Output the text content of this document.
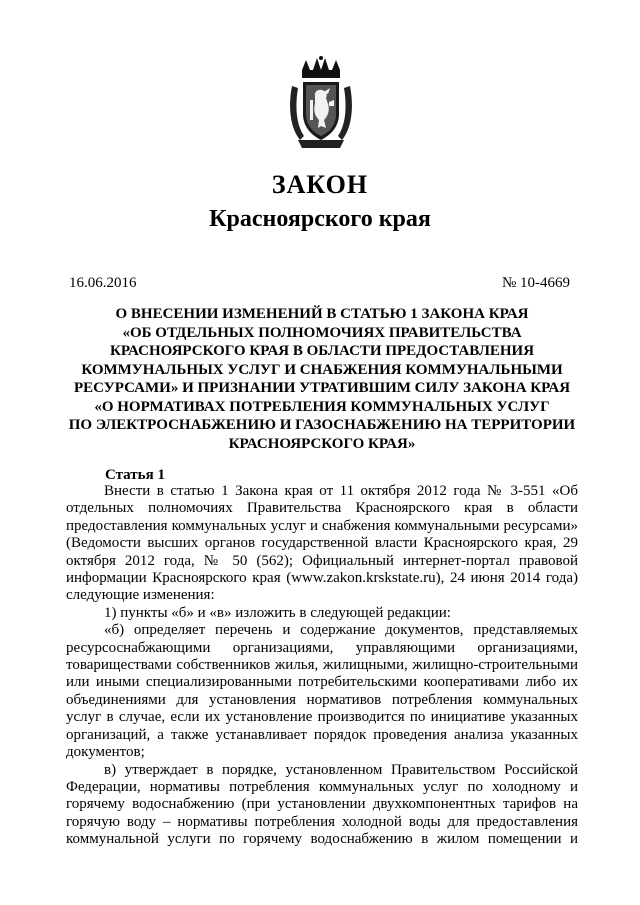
ЗАКОН
Красноярского края
16.06.2016	№ 10-4669
О ВНЕСЕНИИ ИЗМЕНЕНИЙ В СТАТЬЮ 1 ЗАКОНА КРАЯ
«ОБ ОТДЕЛЬНЫХ ПОЛНОМОЧИЯХ ПРАВИТЕЛЬСТВА
КРАСНОЯРСКОГО КРАЯ В ОБЛАСТИ ПРЕДОСТАВЛЕНИЯ
КОММУНАЛЬНЫХ УСЛУГ И СНАБЖЕНИЯ КОММУНАЛЬНЫМИ
РЕСУРСАМИ» И ПРИЗНАНИИ УТРАТИВШИМ СИЛУ ЗАКОНА КРАЯ
«О НОРМАТИВАХ ПОТРЕБЛЕНИЯ КОММУНАЛЬНЫХ УСЛУГ
ПО ЭЛЕКТРОСНАБЖЕНИЮ И ГАЗОСНАБЖЕНИЮ НА ТЕРРИТОРИИ
КРАСНОЯРСКОГО КРАЯ»
Статья 1
Внести в статью 1 Закона края от 11 октября 2012 года № 3-551 «Об
отдельных полномочиях Правительства Красноярского края в области
предоставления коммунальных услуг и снабжения коммунальными ресурсами»
(Ведомости высших органов государственной власти Красноярского края, 29
октября 2012 года, № 50 (562); Официальный интернет-портал правовой
информации Красноярского края (www.zakon.krskstate.ru), 24 июня 2014 года)
следующие изменения:
1) пункты «б» и «в» изложить в следующей редакции:
«б) определяет перечень и содержание документов, представляемых
ресурсоснабжающими организациями, управляющими организациями,
товариществами собственников жилья, жилищными, жилищно-строительными
или иными специализированными потребительскими кооперативами либо их
объединениями для установления нормативов потребления коммунальных
услуг в случае, если их установление производится по инициативе указанных
организаций, а также устанавливает порядок проведения анализа указанных
документов;
в) утверждает в порядке, установленном Правительством Российской
Федерации, нормативы потребления коммунальных услуг по холодному и
горячему водоснабжению (при установлении двухкомпонентных тарифов на
горячую воду – нормативы потребления холодной воды для предоставления
коммунальной услуги по горячему водоснабжению в жилом помещении и
